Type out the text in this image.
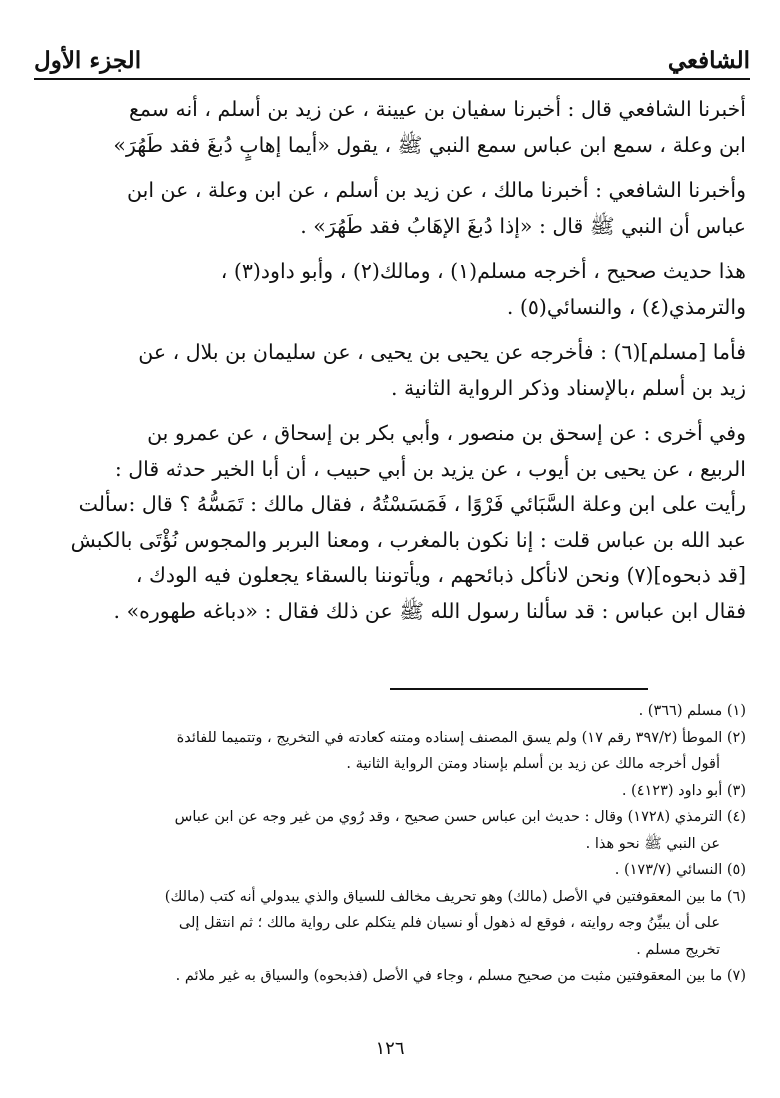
الشافعي
الجزء الأول
أخبرنا الشافعي قال : أخبرنا سفيان بن عيينة ، عن زيد بن أسلم ، أنه سمع
ابن وعلة ، سمع ابن عباس سمع النبي ﷺ ، يقول «أيما إهابٍ دُبغَ فقد طَهُرَ»
وأخبرنا الشافعي : أخبرنا مالك ، عن زيد بن أسلم ، عن ابن وعلة ، عن ابن
عباس أن النبي ﷺ قال : «إذا دُبغَ الإهَابُ فقد طَهُرَ» .
هذا حديث صحيح ، أخرجه مسلم(١) ، ومالك(٢) ، وأبو داود(٣) ،
والترمذي(٤) ، والنسائي(٥) .
فأما [مسلم](٦) : فأخرجه عن يحيى بن يحيى ، عن سليمان بن بلال ، عن
زيد بن أسلم ،بالإسناد وذكر الرواية الثانية .
وفي أخرى : عن إسحق بن منصور ، وأبي بكر بن إسحاق ، عن عمرو بن
الربيع ، عن يحيى بن أيوب ، عن يزيد بن أبي حبيب ، أن أبا الخير حدثه قال :
رأيت على ابن وعلة السَّبَائي فَرْوًا ، فَمَسَسْتُهُ ، فقال مالك : تَمَسُّهُ ؟ قال :سألت
عبد الله بن عباس قلت : إنا نكون بالمغرب ، ومعنا البربر والمجوس نُؤْتَى بالكبش
[قد ذبحوه](٧) ونحن لانأكل ذبائحهم ، ويأتوننا بالسقاء يجعلون فيه الودك ،
فقال ابن عباس : قد سألنا رسول الله ﷺ عن ذلك فقال : «دباغه طهوره» .
(١) مسلم (٣٦٦) .
(٢) الموطأ (٣٩٧/٢ رقم ١٧) ولم يسق المصنف إسناده ومتنه كعادته في التخريج ، وتتميما للفائدة
أقول أخرجه مالك عن زيد بن أسلم بإسناد ومتن الرواية الثانية .
(٣) أبو داود (٤١٢٣) .
(٤) الترمذي (١٧٢٨) وقال : حديث ابن عباس حسن صحيح ، وقد رُوي من غير وجه عن ابن عباس
عن النبي ﷺ نحو هذا .
(٥) النسائي (١٧٣/٧) .
(٦) ما بين المعقوفتين في الأصل (مالك) وهو تحريف مخالف للسياق والذي يبدولي أنه كتب (مالك)
على أن يبيِّنُ وجه روايته ، فوقع له ذهول أو نسيان فلم يتكلم على رواية مالك ؛ ثم انتقل إلى
تخريج مسلم .
(٧) ما بين المعقوفتين مثبت من صحيح مسلم ، وجاء في الأصل (فذبحوه) والسياق به غير ملائم .
١٢٦
